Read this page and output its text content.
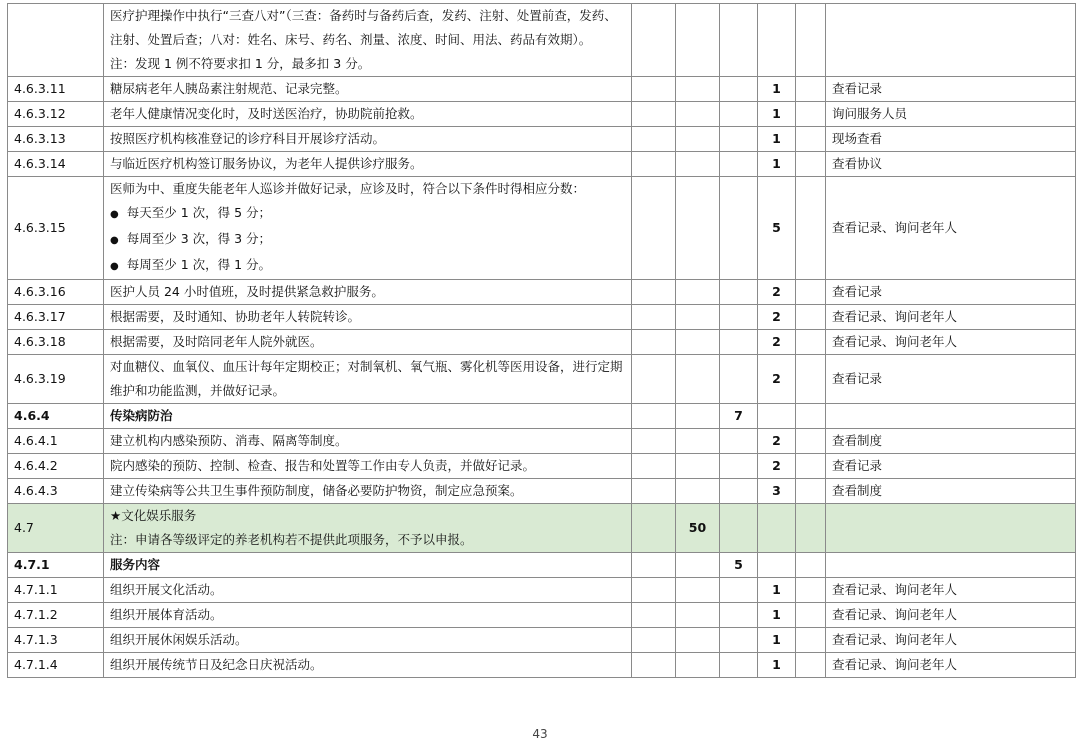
	医疗护理操作中执行“三查八对”（三查：备药时与备药后查，发药、注射、处置前查，发药、注射、处置后查；八对：姓名、床号、药名、剂量、浓度、时间、用法、药品有效期）。
注：发现 1 例不符要求扣 1 分，最多扣 3 分。						

4.6.3.11	糖尿病老年人胰岛素注射规范、记录完整。				1		查看记录
4.6.3.12	老年人健康情况变化时，及时送医治疗，协助院前抢救。				1		询问服务人员
4.6.3.13	按照医疗机构核准登记的诊疗科目开展诊疗活动。				1		现场查看
4.6.3.14	与临近医疗机构签订服务协议，为老年人提供诊疗服务。				1		查看协议
4.6.3.15	医师为中、重度失能老年人巡诊并做好记录，应诊及时，符合以下条件时得相应分数：
● 每天至少 1 次，得 5 分；
● 每周至少 3 次，得 3 分；
● 每周至少 1 次，得 1 分。				5		查看记录、询问老年人
4.6.3.16	医护人员 24 小时值班，及时提供紧急救护服务。				2		查看记录
4.6.3.17	根据需要，及时通知、协助老年人转院转诊。				2		查看记录、询问老年人
4.6.3.18	根据需要，及时陪同老年人院外就医。				2		查看记录、询问老年人
4.6.3.19	对血糖仪、血氧仪、血压计每年定期校正；对制氧机、氧气瓶、雾化机等医用设备，进行定期维护和功能监测，并做好记录。				2		查看记录
4.6.4	传染病防治			7			
4.6.4.1	建立机构内感染预防、消毒、隔离等制度。				2		查看制度
4.6.4.2	院内感染的预防、控制、检查、报告和处置等工作由专人负责，并做好记录。				2		查看记录
4.6.4.3	建立传染病等公共卫生事件预防制度，储备必要防护物资，制定应急预案。				3		查看制度
4.7	★文化娱乐服务
注：申请各等级评定的养老机构若不提供此项服务，不予以申报。		50				
4.7.1	服务内容			5			
4.7.1.1	组织开展文化活动。				1		查看记录、询问老年人
4.7.1.2	组织开展体育活动。				1		查看记录、询问老年人
4.7.1.3	组织开展休闲娱乐活动。				1		查看记录、询问老年人
4.7.1.4	组织开展传统节日及纪念日庆祝活动。				1		查看记录、询问老年人
43
